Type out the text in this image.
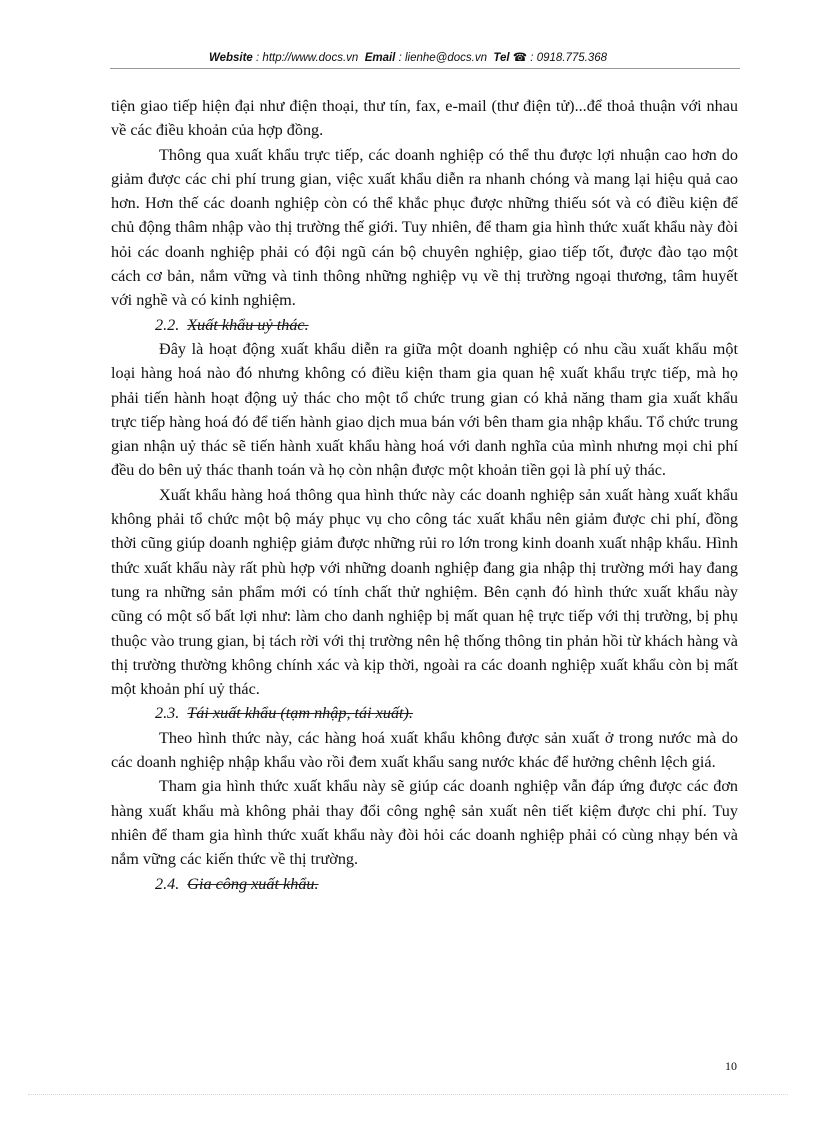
Website : http://www.docs.vn Email : lienhe@docs.vn Tel ☎ : 0918.775.368

tiện giao tiếp hiện đại như điện thoại, thư tín, fax, e-mail (thư điện tử)...để thoả thuận với nhau về các điều khoản của hợp đồng.

Thông qua xuất khẩu trực tiếp, các doanh nghiệp có thể thu được lợi nhuận cao hơn do giảm được các chi phí trung gian, việc xuất khẩu diễn ra nhanh chóng và mang lại hiệu quả cao hơn. Hơn thế các doanh nghiệp còn có thể khắc phục được những thiếu sót và có điều kiện để chủ động thâm nhập vào thị trường thế giới. Tuy nhiên, để tham gia hình thức xuất khẩu này đòi hỏi các doanh nghiệp phải có đội ngũ cán bộ chuyên nghiệp, giao tiếp tốt, được đào tạo một cách cơ bản, nắm vững và tinh thông những nghiệp vụ về thị trường ngoại thương, tâm huyết với nghề và có kinh nghiệm.

2.2. Xuất khẩu uỷ thác.

Đây là hoạt động xuất khẩu diễn ra giữa một doanh nghiệp có nhu cầu xuất khẩu một loại hàng hoá nào đó nhưng không có điều kiện tham gia quan hệ xuất khẩu trực tiếp, mà họ phải tiến hành hoạt động uỷ thác cho một tổ chức trung gian có khả năng tham gia xuất khẩu trực tiếp hàng hoá đó để tiến hành giao dịch mua bán với bên tham gia nhập khẩu. Tổ chức trung gian nhận uỷ thác sẽ tiến hành xuất khẩu hàng hoá với danh nghĩa của mình nhưng mọi chi phí đều do bên uỷ thác thanh toán và họ còn nhận được một khoản tiền gọi là phí uỷ thác.

Xuất khẩu hàng hoá thông qua hình thức này các doanh nghiệp sản xuất hàng xuất khẩu không phải tổ chức một bộ máy phục vụ cho công tác xuất khẩu nên giảm được chi phí, đồng thời cũng giúp doanh nghiệp giảm được những rủi ro lớn trong kinh doanh xuất nhập khẩu. Hình thức xuất khẩu này rất phù hợp với những doanh nghiệp đang gia nhập thị trường mới hay đang tung ra những sản phẩm mới có tính chất thử nghiệm. Bên cạnh đó hình thức xuất khẩu này cũng có một số bất lợi như: làm cho danh nghiệp bị mất quan hệ trực tiếp với thị trường, bị phụ thuộc vào trung gian, bị tách rời với thị trường nên hệ thống thông tin phản hồi từ khách hàng và thị trường thường không chính xác và kịp thời, ngoài ra các doanh nghiệp xuất khẩu còn bị mất một khoản phí uỷ thác.

2.3. Tái xuất khẩu (tạm nhập, tái xuất).

Theo hình thức này, các hàng hoá xuất khẩu không được sản xuất ở trong nước mà do các doanh nghiệp nhập khẩu vào rồi đem xuất khẩu sang nước khác để hưởng chênh lệch giá.

Tham gia hình thức xuất khẩu này sẽ giúp các doanh nghiệp vẫn đáp ứng được các đơn hàng xuất khẩu mà không phải thay đổi công nghệ sản xuất nên tiết kiệm được chi phí. Tuy nhiên để tham gia hình thức xuất khẩu này đòi hỏi các doanh nghiệp phải có cùng nhạy bén và nắm vững các kiến thức về thị trường.

2.4. Gia công xuất khẩu.

10
